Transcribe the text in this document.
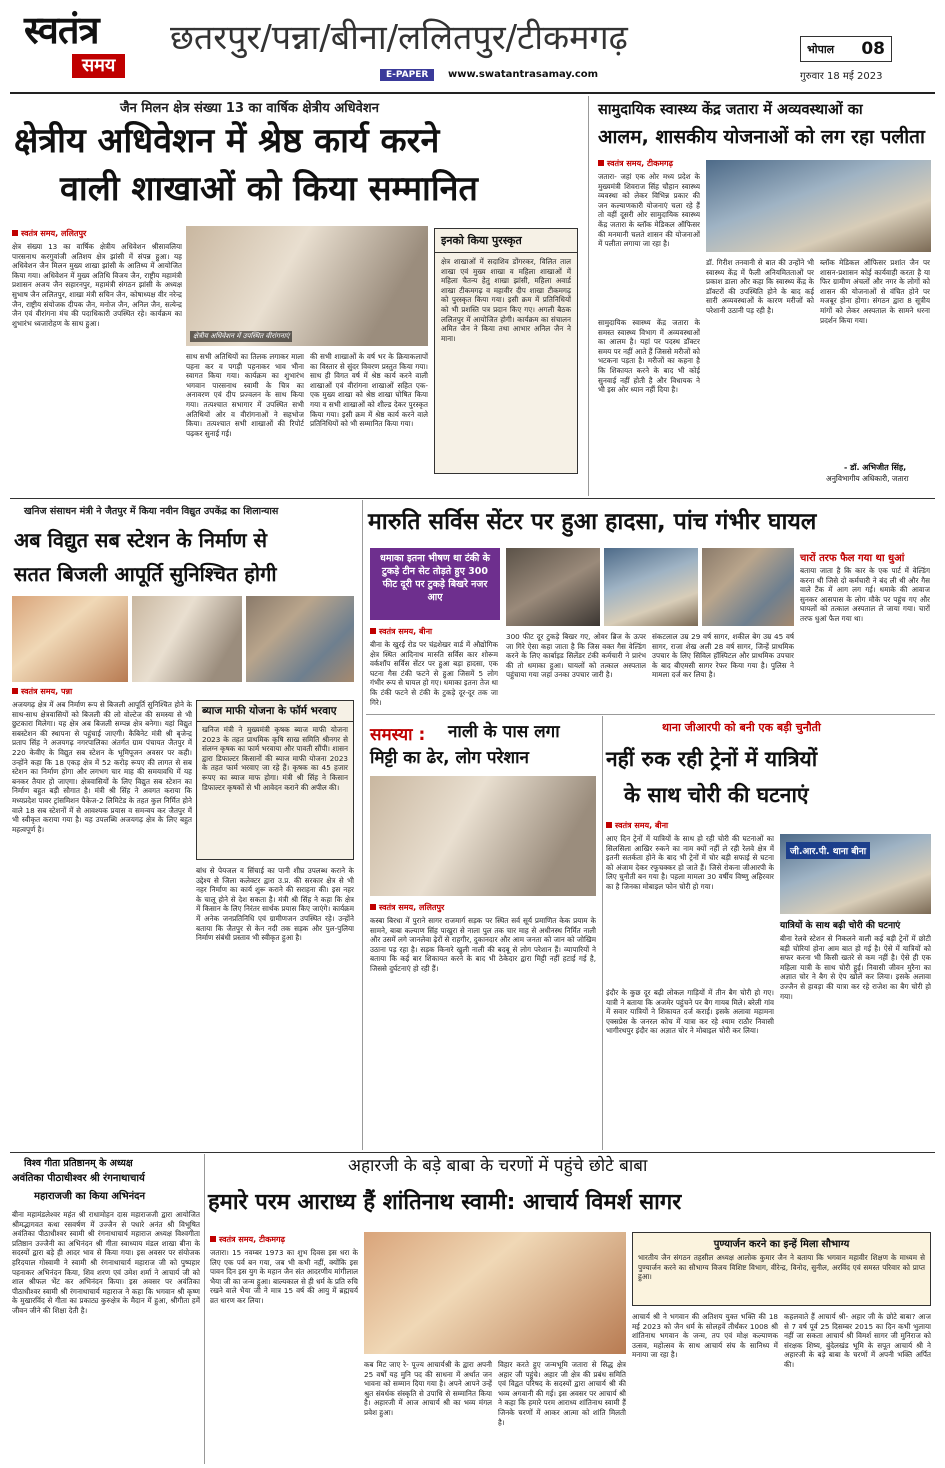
स्वतंत्र
समय
छतरपुर/पन्ना/बीना/ललितपुर/टीकमगढ़	भोपाल 08
E-PAPER	www.swatantrasamay.com	गुरुवार 18 मई 2023
जैन मिलन क्षेत्र संख्या 13 का वार्षिक क्षेत्रीय अधिवेशन
क्षेत्रीय अधिवेशन में श्रेष्ठ कार्य करने
वाली शाखाओं को किया सम्मानित
स्वतंत्र समय, ललितपुर
क्षेत्र संख्या 13 का वार्षिक क्षेत्रीय अधिवेशन श्रीसावलिया पारसनाथ करगुवांजी अतिशय क्षेत्र झांसी में संपन्न हुआ। यह अधिवेशन जैन मिलन मुख्य शाखा झांसी के आतिथ्य में आयोजित किया गया। अधिवेशन में मुख्य अतिथि विजय जैन, राष्ट्रीय महामंत्री प्रशासन अजय जैन सहारनपुर, महामंत्री संगठन झांसी के अध्यक्ष सुभाष जैन ललितपुर, शाखा मंत्री सचिन जैन, कोषाध्यक्ष वीर नरेन्द्र जैन, राष्ट्रीय संयोजक दीपक जैन, मनोज जैन, अनिल जैन, सत्येन्द्र जैन एवं वीरांगना मंच की पदाधिकारी उपस्थित रहे। कार्यक्रम का शुभारंभ ध्वजारोहण के साथ हुआ।
क्षेत्रीय अधिवेशन में उपस्थित वीरांगनाएं
साथ सभी अतिथियों का तिलक लगाकर माला पहना कर व पगड़ी पहनाकर भाव भीना स्वागत किया गया। कार्यक्रम का शुभारंभ भगवान पारसनाथ स्वामी के चित्र का अनावरण एवं दीप प्रज्वलन के साथ किया गया। तत्पश्चात सभागार में उपस्थित सभी अतिथियों ओर व वीरांगनाओं ने सहभोज किया। तत्पश्चात सभी शाखाओं की रिपोर्ट पढ़कर सुनाई गई।
की सभी शाखाओं के वर्ष भर के क्रियाकलापों का विस्तार से सुंदर विवरण प्रस्तुत किया गया। साथ ही विगत वर्ष में श्रेष्ठ कार्य करने वाली शाखाओं एवं वीरांगना शाखाओं सहित एक-एक मुख्य शाखा को श्रेष्ठ शाखा घोषित किया गया व सभी शाखाओं को शील्ड देकर पुरस्कृत किया गया। इसी क्रम में श्रेष्ठ कार्य करने वाले प्रतिनिधियों को भी सम्मानित किया गया।
इनको किया पुरस्कृत
क्षेत्र शाखाओं में सदाशिव डोंगरकर, विलित ताल शाखा एवं मुख्य शाखा व महिला शाखाओं में महिला चैतन्य हेतु शाखा झांसी, महिला अवार्ड शाखा टीकमगढ़ व महावीर दीप शाखा टीकमगढ़ को पुरस्कृत किया गया। इसी क्रम में प्रतिनिधियों को भी प्रशस्ति पत्र प्रदान किए गए। अगली बैठक ललितपुर में आयोजित होगी। कार्यक्रम का संचालन अमित जैन ने किया तथा आभार अनिल जैन ने माना।
सामुदायिक स्वास्थ्य केंद्र जतारा में अव्यवस्थाओं का
आलम, शासकीय योजनाओं को लग रहा पलीता
स्वतंत्र समय, टीकमगढ़
जतारा- जहां एक ओर मध्य प्रदेश के मुख्यमंत्री शिवराज सिंह चौहान स्वास्थ्य व्यवस्था को लेकर विभिन्न प्रकार की जन कल्याणकारी योजनाएं चला रहे हैं तो वहीं दूसरी ओर सामुदायिक स्वास्थ्य केंद्र जतारा के ब्लॉक मेडिकल ऑफिसर की मनमानी चलते शासन की योजनाओं में पलीता लगाया जा रहा है।
सामुदायिक स्वास्थ्य केंद्र जतारा के समस्त स्वास्थ्य विभाग में अव्यवस्थाओं का आलम है। यहां पर पदस्थ डॉक्टर समय पर नहीं आते हैं जिससे मरीजों को भटकना पड़ता है। मरीजों का कहना है कि शिकायत करने के बाद भी कोई सुनवाई नहीं होती है और विधायक ने भी इस ओर ध्यान नहीं दिया है।
डॉ. गिरीश तनवानी से बात की उन्होंने भी स्वास्थ्य केंद्र में फैली अनियमितताओं पर प्रकाश डाला और कहा कि स्वास्थ्य केंद्र के डॉक्टरों की उपस्थिति होने के बाद कई सारी अव्यवस्थाओं के कारण मरीजों को परेशानी उठानी पड़ रही है।
ब्लॉक मेडिकल ऑफिसर प्रशांत जैन पर शासन-प्रशासन कोई कार्यवाही करता है या फिर ग्रामीण अंचलों और नगर के लोगों को शासन की योजनाओं से वंचित होने पर मजबूर होना होगा। संगठन द्वारा 8 सूत्रीय मांगों को लेकर अस्पताल के सामने धरना प्रदर्शन किया गया।
- डॉ. अभिजीत सिंह,
अनुविभागीय अधिकारी, जतारा
खनिज संसाधन मंत्री ने जैतपुर में किया नवीन विद्युत उपकेंद्र का शिलान्यास
अब विद्युत सब स्टेशन के निर्माण से
सतत बिजली आपूर्ति सुनिश्चित होगी
स्वतंत्र समय, पन्ना
अजयगढ़ क्षेत्र में अब निर्माण रूप से बिजली आपूर्ति सुनिश्चित होने के साथ-साथ क्षेत्रवासियों को बिजली की लो वोल्टेज की समस्या से भी छुटकारा मिलेगा। यह क्षेत्र अब बिजली सम्पन्न क्षेत्र बनेगा। यहां विद्युत सबस्टेशन की स्थापना से पहुंचाई जाएगी। कैबिनेट मंत्री श्री बृजेन्द्र प्रताप सिंह ने अजयगढ़ नगरपालिका अंतर्गत ग्राम पंचायत जैतपुर में 220 केवीए के विद्युत सब स्टेशन के भूमिपूजन अवसर पर कही। उन्होंने कहा कि 18 एकड़ क्षेत्र में 52 करोड़ रूपए की लागत से सब स्टेशन का निर्माण होगा और लगभग चार माह की समयावधि में यह बनकर तैयार हो जाएगा। क्षेत्रवासियों के लिए विद्युत सब स्टेशन का निर्माण बहुत बड़ी सौगात है। मंत्री श्री सिंह ने अवगत कराया कि मध्यप्रदेश पावर ट्रांसमिशन पैकेज-2 लिमिटेड के तहत कुल निर्मित होने वाले 18 सब स्टेशनों में से आवश्यक प्रयास व समन्वय कर जैतपुर में भी स्वीकृत कराया गया है। यह उपलब्धि अजयगढ़ क्षेत्र के लिए बहुत महत्वपूर्ण है।
ब्याज माफी योजना के फॉर्म भरवाए
खनिज मंत्री ने मुख्यमंत्री कृषक ब्याज माफी योजना 2023 के तहत प्राथमिक कृषि साख समिति श्रीनगर से संलग्न कृषक का फार्म भरवाया और पावती सौंपी। शासन द्वारा डिफाल्टर किसानों की ब्याज माफी योजना 2023 के तहत फार्म भरवाए जा रहे हैं। कृषक का 45 हजार रूपए का ब्याज माफ होगा। मंत्री श्री सिंह ने किसान डिफाल्टर कृषकों से भी आवेदन कराने की अपील की।
बांध से पेयजल व सिंचाई का पानी शीघ्र उपलब्ध कराने के उद्देश्य से जिला कलेक्टर द्वारा उ.प्र. की सरकार क्षेत्र से भी नहर निर्माण का कार्य शुरू कराने की सराहना की। इस नहर के चालू होने से देश सकता है। मंत्री श्री सिंह ने कहा कि क्षेत्र में किसान के लिए निरंतर सार्थक प्रयास किए जाएंगे। कार्यक्रम में अनेक जनप्रतिनिधि एवं ग्रामीणजन उपस्थित रहे। उन्होंने बताया कि जैतपुर से केन नदी तक सड़क और पुल-पुलिया निर्माण संबंधी प्रस्ताव भी स्वीकृत हुआ है।
मारुति सर्विस सेंटर पर हुआ हादसा, पांच गंभीर घायल
धमाका इतना भीषण था टंकी के टुकड़े टीन सेट तोड़ते हुए 300 फीट दूरी पर टुकड़े बिखरे नजर आए
चारों तरफ फैल गया था धुआं
बताया जाता है कि कार के एक पार्ट में वेल्डिंग करना थी जिसे दो कर्मचारी ने बंद ली थी और गैस वाले टैंक में आग लग गई। धमाके की आवाज सुनकर आसपास के लोग मौके पर पहुंच गए और घायलों को तत्काल अस्पताल ले जाया गया। चारों तरफ धुआं फैल गया था।
स्वतंत्र समय, बीना
बीना के खुरई रोड पर चंद्रशेखर वार्ड में औद्योगिक क्षेत्र स्थित आदिनाथ मारुति सर्विस कार शोरूम वर्कशॉप सर्विस सेंटर पर हुआ बड़ा हादसा, एक घटना गैस टंकी फटने से हुआ जिसमें 5 लोग गंभीर रूप से घायल हो गए। धमाका इतना तेज था कि टंकी फटने से टंकी के टुकड़े दूर-दूर तक जा गिरे।
300 फीट दूर टुकड़े बिखर गए, ओवर ब्रिज के ऊपर जा गिरे ऐसा कहा जाता है कि जिस वक्त गैस वेल्डिंग करने के लिए कार्बाइड सिलेंडर टंकी कर्मचारी ने प्रारंभ की तो धमाका हुआ। घायलों को तत्काल अस्पताल पहुंचाया गया जहां उनका उपचार जारी है।
संकटलाल उम्र 29 वर्ष सागर, शकील बेग उम्र 45 वर्ष सागर, राजा शेख अली 28 वर्ष सागर, जिन्हें प्राथमिक उपचार के लिए सिविल हॉस्पिटल और प्राथमिक उपचार के बाद बीएमसी सागर रेफर किया गया है। पुलिस ने मामला दर्ज कर लिया है।
समस्या : नाली के पास लगा
मिट्टी का ढेर, लोग परेशान
स्वतंत्र समय, ललितपुर
कस्बा बिरधा में पुराने सागर राजमार्ग सड़क पर स्थित सर्व सूर्य प्रमाणित केक प्रयाम के सामने, बाबा कल्याण सिंह पाखुरा से नाला पुल तक चार माह से अधीनस्थ निर्मित नाली और उसमें लगे जानलेवा ढ़ेरों से राहगीर, दुकानदार और आम जनता को जान को जोखिम उठाना पड़ रहा है। सड़क किनारे खुली नाली की बदबू से लोग परेशान हैं। व्यापारियों ने बताया कि कई बार शिकायत करने के बाद भी ठेकेदार द्वारा मिट्टी नहीं हटाई गई है, जिससे दुर्घटनाएं हो रही हैं।
थाना जीआरपी को बनी एक बड़ी चुनौती
नहीं रुक रही ट्रेनों में यात्रियों
के साथ चोरी की घटनाएं
स्वतंत्र समय, बीना
आए दिन ट्रेनों में यात्रियों के साथ हो रही चोरी की घटनाओं का सिलसिला आखिर रुकने का नाम क्यों नहीं ले रही रेलवे क्षेत्र में इतनी सतर्कता होने के बाद भी ट्रेनों में चोर बड़ी सफाई से घटना को अंजाम देकर रफूचक्कर हो जाते हैं। जिसे रोकना जीआरपी के लिए चुनौती बन गया है। पहला मामला 30 वर्षीय विष्णु अहिरवार का है जिनका मोबाइल फोन चोरी हो गया।
इंदौर के कुछ दूर बढ़ी लोकल गाड़ियों में तीन बैग चोरी हो गए। यात्री ने बताया कि अजमेर पहुंचने पर बैग गायब मिले। बरेली गांव में सवार यात्रियों ने शिकायत दर्ज कराई। इसके अलावा महामना एक्सप्रेस के जनरल कोच में यात्रा कर रहे श्याम राठौर निवासी भागीरथपुर इंदौर का अज्ञात चोर ने मोबाइल चोरी कर लिया।
जी.आर.पी. थाना बीना
यात्रियों के साथ बढ़ी चोरी की घटनाएं
बीना रेलवे स्टेशन से निकलने वाली कई बड़ी ट्रेनों में छोटी बड़ी चोरियां होना आम बात हो गई है। ऐसे में यात्रियों को सफर करना भी किसी खतरे से कम नहीं है। ऐसे ही एक महिला यात्री के साथ चोरी हुई। निवासी जीवन मुरैना का अज्ञात चोर ने बैग से ऐप खोलें कर लिया। इसके अलावा उज्जैन से हावड़ा की यात्रा कर रहे राजेश का बैग चोरी हो गया।
विश्व गीता प्रतिष्ठानम् के अध्यक्ष
अवंतिका पीठाधीश्वर श्री रंगनाथाचार्य
महाराजजी का किया अभिनंदन
बीना महामंडलेश्वर महंत श्री राधामोहन दास महाराजजी द्वारा आयोजित श्रीमद्भागवत कथा रसवर्षण में उज्जैन से पधारे अनंत श्री विभूषित अवंतिका पीठाधीश्वर स्वामी श्री रंगनाथाचार्य महाराज अध्यक्ष विश्वगीता प्रतिष्ठान उज्जैनी का अभिनंदन श्री गीता स्वाध्याय मंडल शाखा बीना के सदस्यों द्वारा बड़े ही आदर भाव से किया गया। इस अवसर पर संयोजक हरिदयाल गोस्वामी ने स्वामी श्री रंगनाथाचार्य महाराज जी को पुष्पहार पहनाकर अभिनंदन किया, शिव शरण एवं उमेश शर्मा ने आचार्य जी को शाल श्रीफल भेंट कर अभिनंदन किया। इस अवसर पर अवंतिका पीठाधीश्वर स्वामी श्री रंगनाथाचार्य महाराज ने कहा कि भगवान श्री कृष्ण के मुखारविंद से गीता का प्रकाट्य कुरुक्षेत्र के मैदान में हुआ, श्रीगीता हमें जीवन जीने की शिक्षा देती है।
अहारजी के बड़े बाबा के चरणों में पहुंचे छोटे बाबा
हमारे परम आराध्य हैं शांतिनाथ स्वामी: आचार्य विमर्श सागर
स्वतंत्र समय, टीकमगढ़
जतारा। 15 नवम्बर 1973 का शुभ दिवस इस धरा के लिए एक पर्व बन गया, जब भी कभी नहीं, क्योंकि इस पावन दिन इस युग के महान जैन संत आदरणीय मांगीलाल भैया जी का जन्म हुआ। बाल्यकाल से ही धर्म के प्रति रुचि रखने वाले भैया जी ने मात्र 15 वर्ष की आयु में ब्रह्मचर्य व्रत धारण कर लिया।
कब मिट जाए रे- पूज्य आचार्यश्री के द्वारा अपनी 25 वर्षों यह मुनि पद की साधना में अर्थात जन भावना को सम्मान दिया गया है। अपने आपने उन्हें श्रुत संवर्धक संस्कृति से उपाधि से सम्मानित किया है। अहारजी में आज आचार्य श्री का भव्य मंगल प्रवेश हुआ।
विहार करते हुए जन्मभूमि जतारा से सिद्ध क्षेत्र अहार जी पहुंचे। अहार जी क्षेत्र की प्रबंध समिति एवं विद्वत परिषद के सदस्यों द्वारा आचार्य श्री की भव्य अगवानी की गई। इस अवसर पर आचार्य श्री ने कहा कि हमारे परम आराध्य शांतिनाथ स्वामी हैं जिनके चरणों में आकर आत्मा को शांति मिलती है।
पुण्यार्जन करने का इन्हें मिला सौभाग्य
भारतीय जैन संगठन तहसील अध्यक्ष आलोक कुमार जैन ने बताया कि भगवान महावीर शिक्षण के माध्यम से पुण्यार्जन करने का सौभाग्य विजय विशिष्ट विभाग, वीरेन्द्र, विनोद, सुनील, अरविंद एवं समस्त परिवार को प्राप्त हुआ।
आचार्य श्री ने भगवान की अतिशय युक्त भक्ति की 18 मई 2023 को जैन धर्म के सोलहवें तीर्थंकर 1008 श्री शांतिनाथ भगवान के जन्म, तप एवं मोक्ष कल्याणक उत्सव, महोत्सव के साथ आचार्य संघ के सानिध्य में मनाया जा रहा है।
कहलवाते हैं आचार्य श्री- अहार जी के छोटे बाबा? आज से 7 वर्ष पूर्व 25 दिसम्बर 2015 का दिन कभी भुलाया नहीं जा सकता आचार्य श्री विमर्श सागर जी मुनिराज को संरक्षक शिष्य, बुंदेलखंड भूमि के सपूत आचार्य श्री ने अहारजी के बड़े बाबा के चरणों में अपनी भक्ति अर्पित की।
